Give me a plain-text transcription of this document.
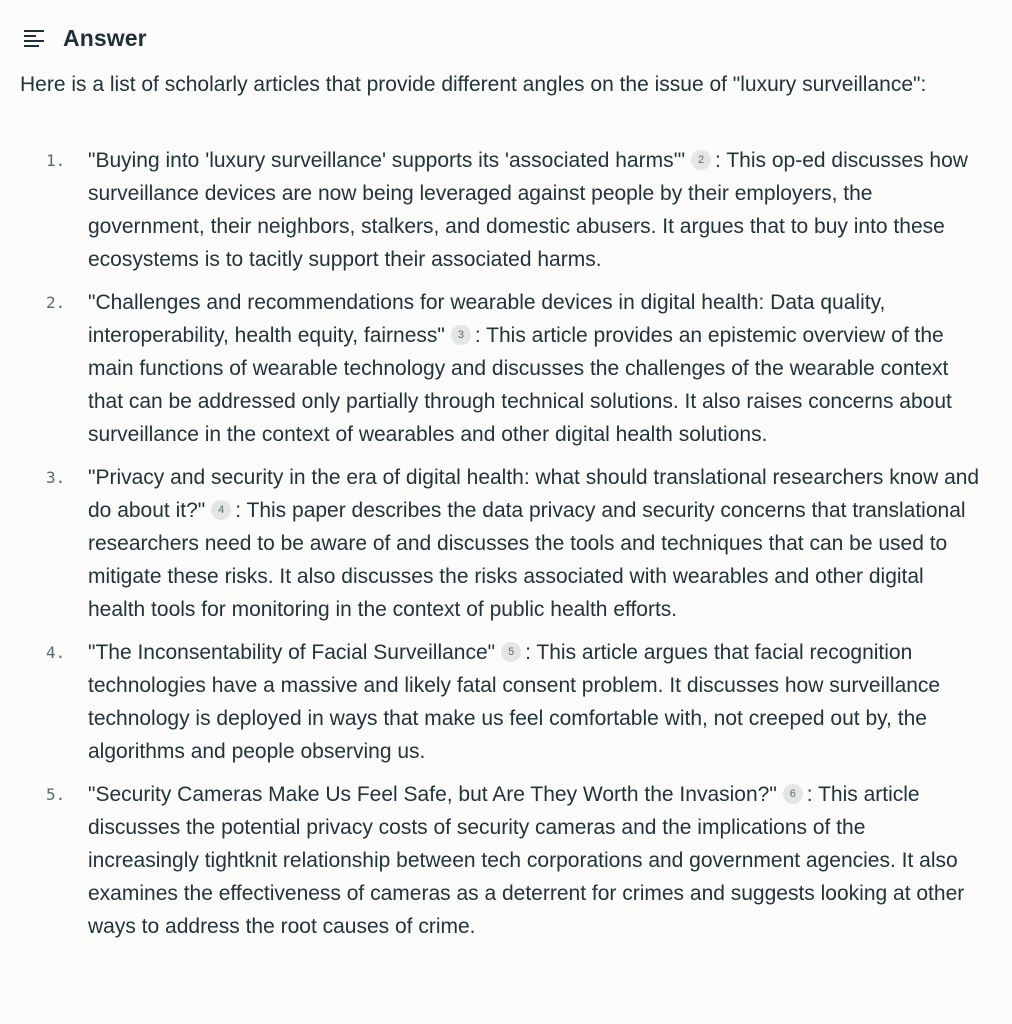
Answer
Here is a list of scholarly articles that provide different angles on the issue of "luxury surveillance":
1. "Buying into 'luxury surveillance' supports its 'associated harms'" 2 : This op-ed discusses how surveillance devices are now being leveraged against people by their employers, the government, their neighbors, stalkers, and domestic abusers. It argues that to buy into these ecosystems is to tacitly support their associated harms.
2. "Challenges and recommendations for wearable devices in digital health: Data quality, interoperability, health equity, fairness" 3 : This article provides an epistemic overview of the main functions of wearable technology and discusses the challenges of the wearable context that can be addressed only partially through technical solutions. It also raises concerns about surveillance in the context of wearables and other digital health solutions.
3. "Privacy and security in the era of digital health: what should translational researchers know and do about it?" 4 : This paper describes the data privacy and security concerns that translational researchers need to be aware of and discusses the tools and techniques that can be used to mitigate these risks. It also discusses the risks associated with wearables and other digital health tools for monitoring in the context of public health efforts.
4. "The Inconsentability of Facial Surveillance" 5 : This article argues that facial recognition technologies have a massive and likely fatal consent problem. It discusses how surveillance technology is deployed in ways that make us feel comfortable with, not creeped out by, the algorithms and people observing us.
5. "Security Cameras Make Us Feel Safe, but Are They Worth the Invasion?" 6 : This article discusses the potential privacy costs of security cameras and the implications of the increasingly tightknit relationship between tech corporations and government agencies. It also examines the effectiveness of cameras as a deterrent for crimes and suggests looking at other ways to address the root causes of crime.
